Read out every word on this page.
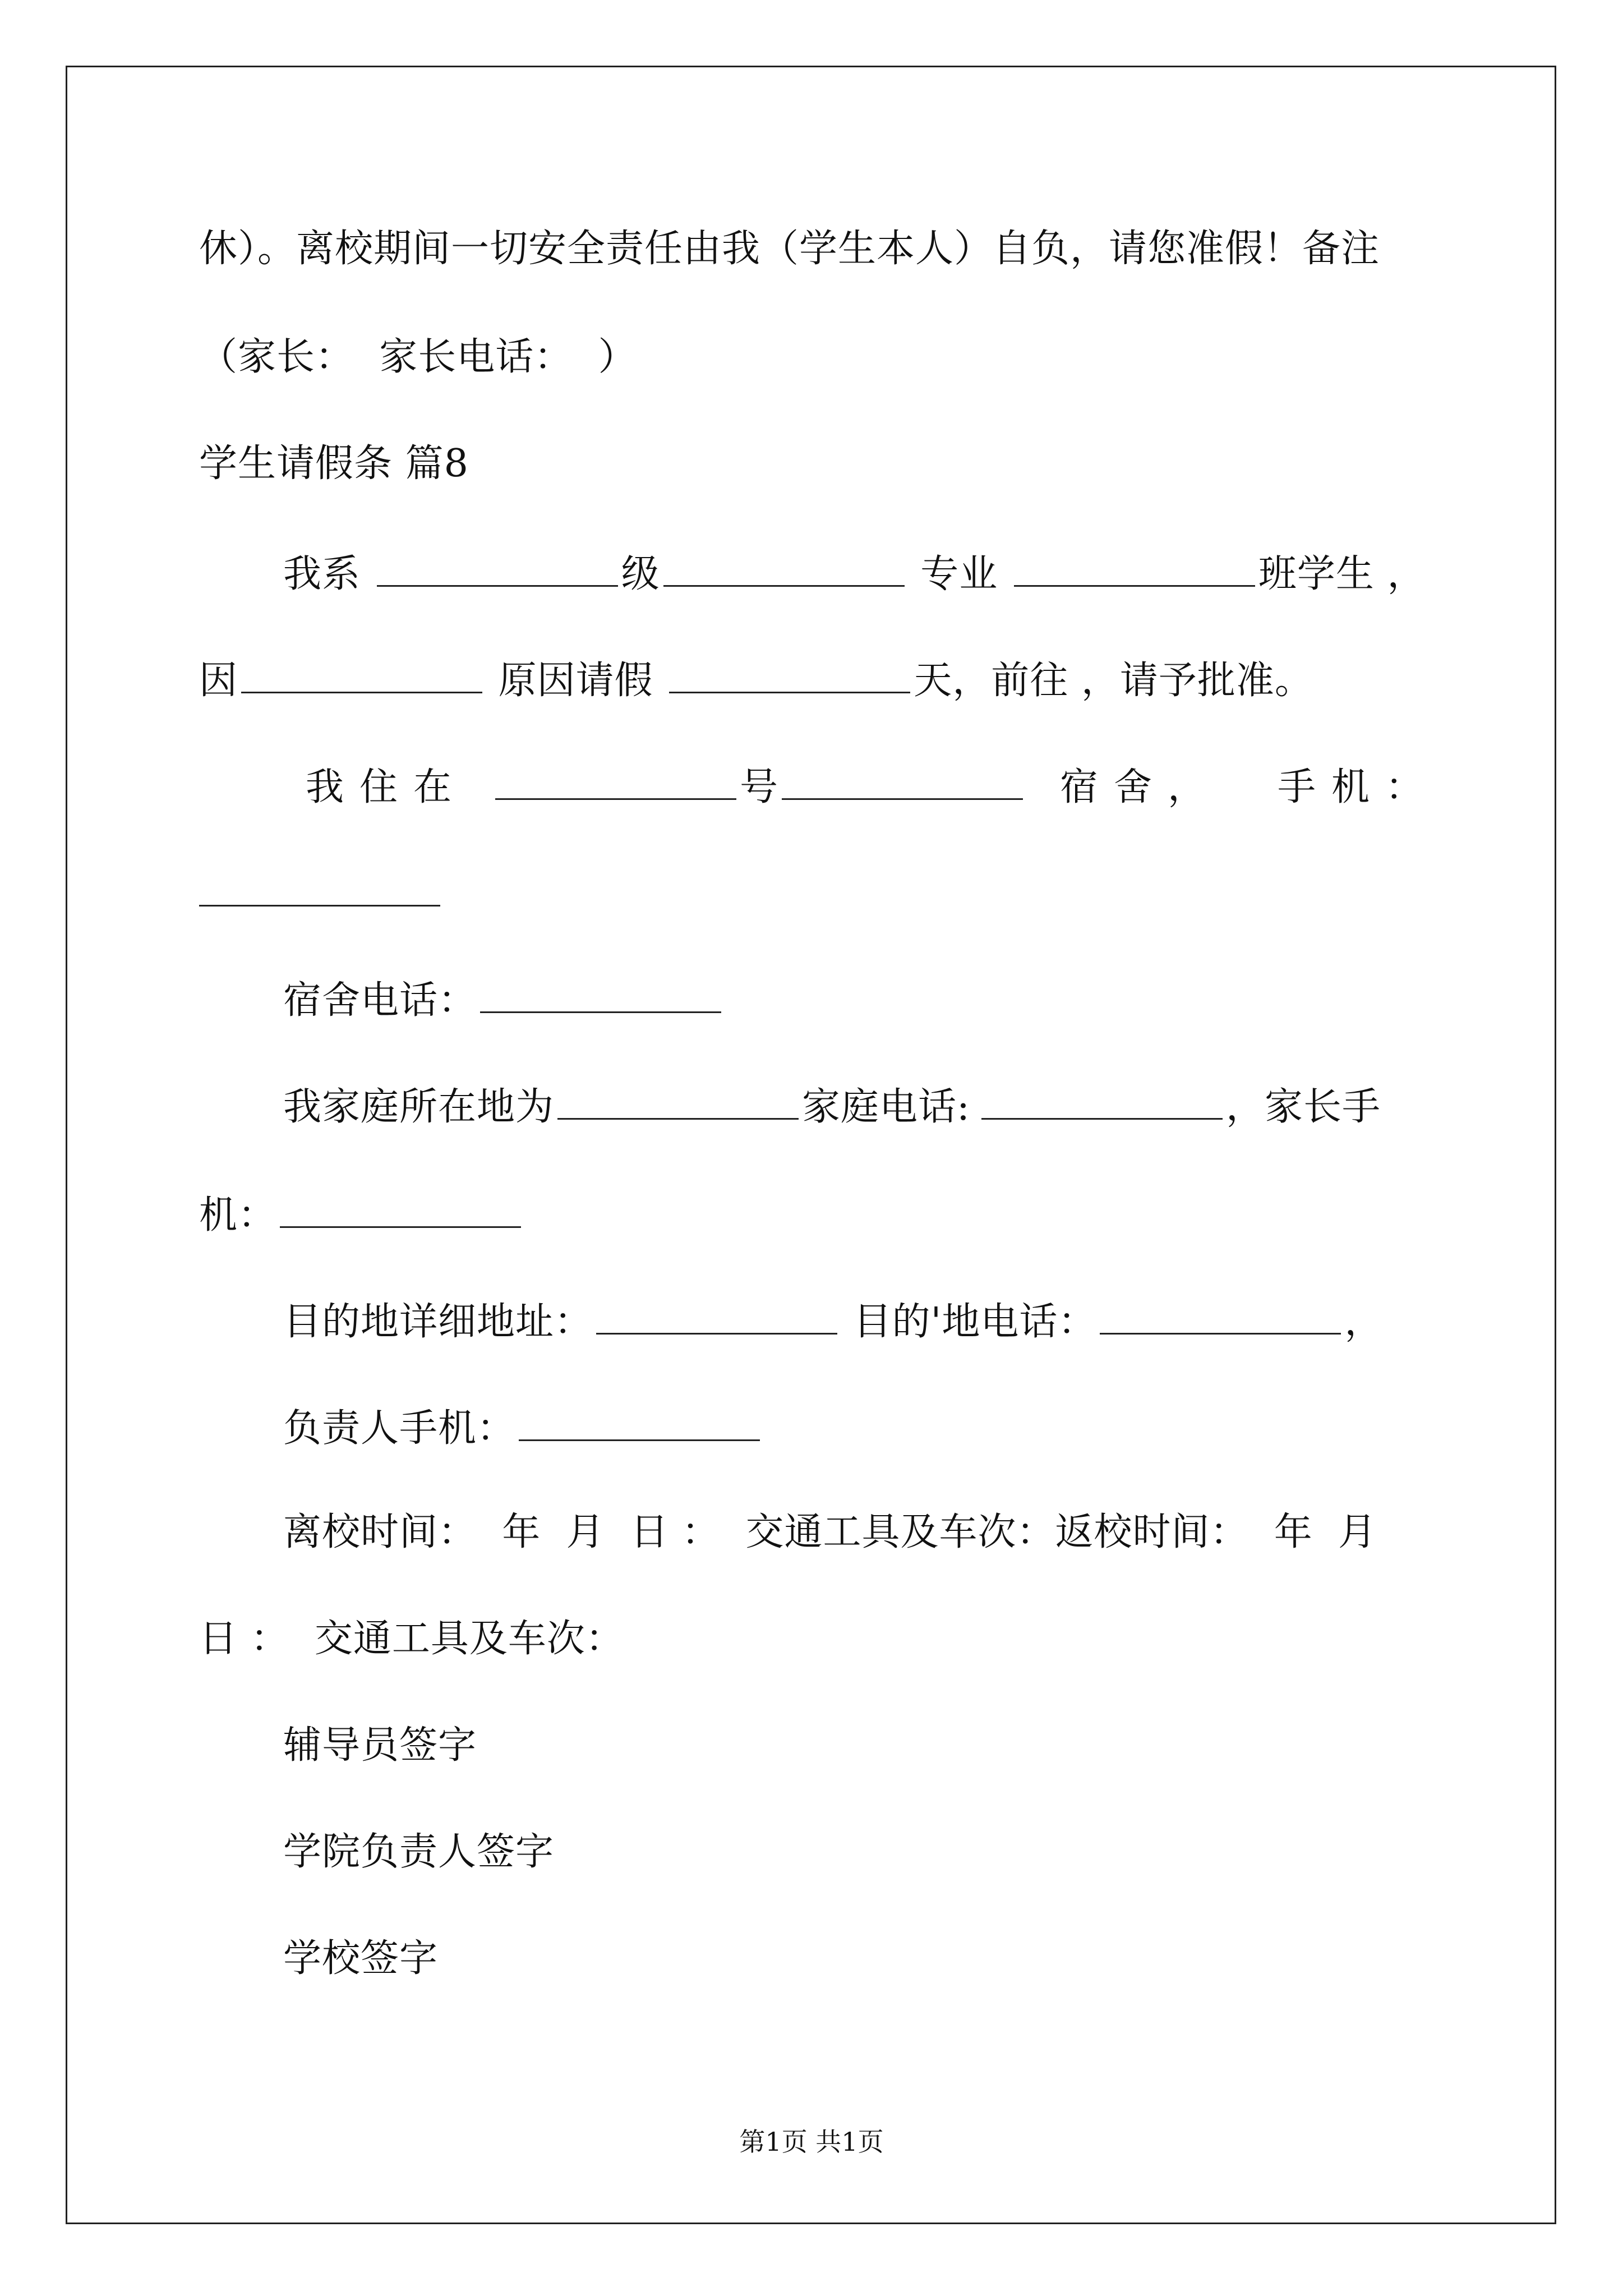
休）。离校期间一切安全责任由我（学生本人）自负，请您准假！备注
（家长：  家长电话：  ）
学生请假条 篇8
我系	级	专业	班学生 ，
因	原因请假	天，前往 ，请予批准。
我住在	号	宿舍， 手机：
宿舍电话：
我家庭所在地为	家庭电话:	，家长手
机：
目的地详细地址：	目的'地电话：	，
负责人手机：
离校时间：  年  月  日 ：  交通工具及车次：返校时间：  年  月
日 ：  交通工具及车次：
辅导员签字
学院负责人签字
学校签字
第1页 共1页
